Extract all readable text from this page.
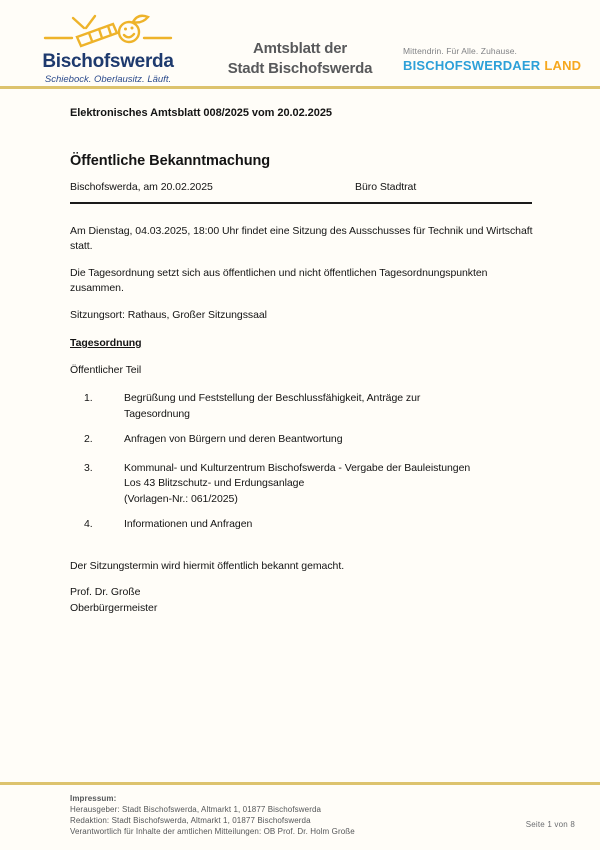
Bischofswerda
Schiebock. Oberlausitz. Läuft.
Amtsblatt der
Stadt Bischofswerda
Mittendrin. Für Alle. Zuhause.
BISCHOFSWERDAER LAND
Elektronisches Amtsblatt 008/2025 vom 20.02.2025
Öffentliche Bekanntmachung
Bischofswerda, am 20.02.2025	Büro Stadtrat
Am Dienstag, 04.03.2025, 18:00 Uhr findet eine Sitzung des Ausschusses für Technik und Wirtschaft
statt.
Die Tagesordnung setzt sich aus öffentlichen und nicht öffentlichen Tagesordnungspunkten
zusammen.
Sitzungsort: Rathaus, Großer Sitzungssaal
Tagesordnung
Öffentlicher Teil
1.	Begrüßung und Feststellung der Beschlussfähigkeit, Anträge zur
Tagesordnung
2.	Anfragen von Bürgern und deren Beantwortung
3.	Kommunal- und Kulturzentrum Bischofswerda - Vergabe der Bauleistungen
Los 43 Blitzschutz- und Erdungsanlage
(Vorlagen-Nr.: 061/2025)
4.	Informationen und Anfragen
Der Sitzungstermin wird hiermit öffentlich bekannt gemacht.
Prof. Dr. Große
Oberbürgermeister
Impressum:
Herausgeber: Stadt Bischofswerda, Altmarkt 1, 01877 Bischofswerda
Redaktion: Stadt Bischofswerda, Altmarkt 1, 01877 Bischofswerda
Verantwortlich für Inhalte der amtlichen Mitteilungen: OB Prof. Dr. Holm Große
Seite 1 von 8
